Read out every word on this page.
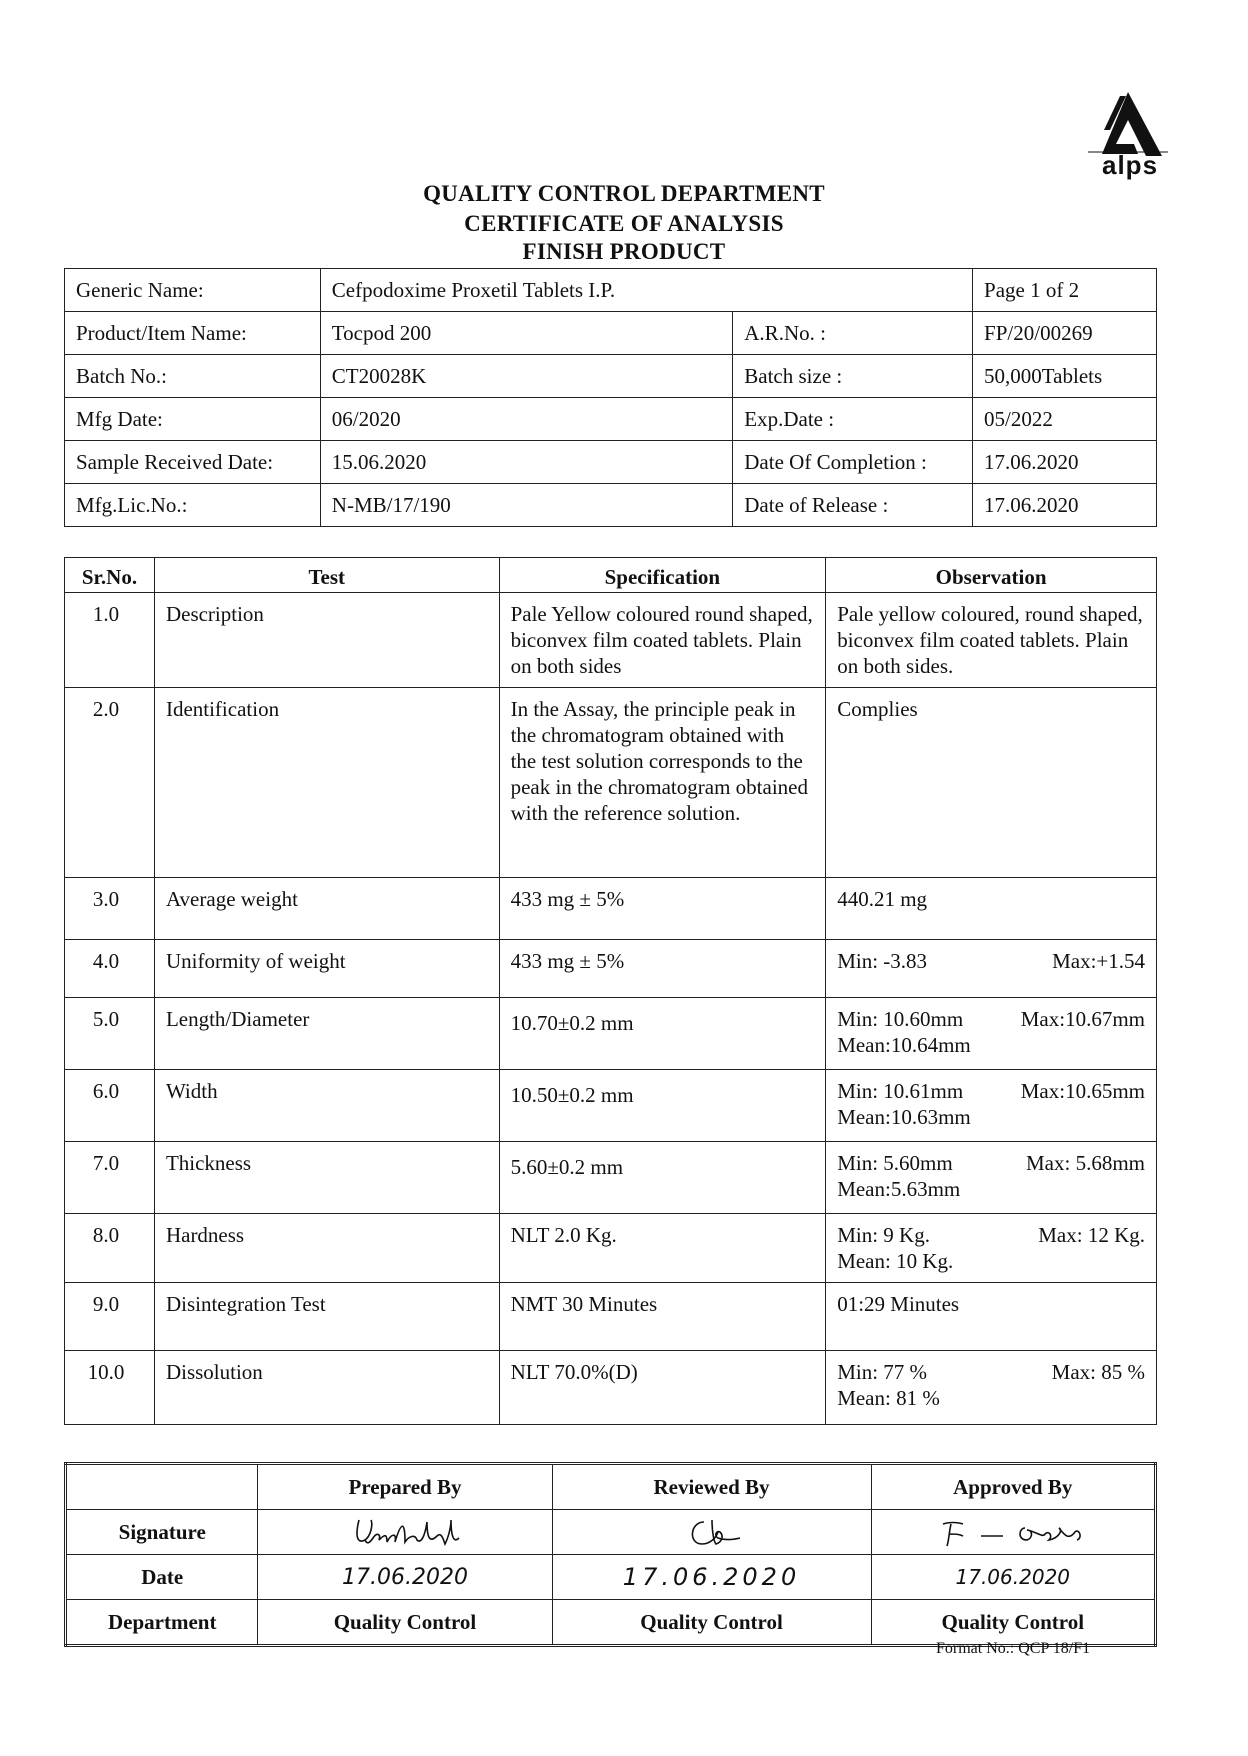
alps
QUALITY CONTROL DEPARTMENT
CERTIFICATE OF ANALYSIS
FINISH PRODUCT
Generic Name:	Cefpodoxime Proxetil Tablets I.P.		Page 1 of 2
Product/Item Name:	Tocpod 200	A.R.No. :	FP/20/00269
Batch No.:	CT20028K	Batch size :	50,000Tablets
Mfg Date:	06/2020	Exp.Date :	05/2022
Sample Received Date:	15.06.2020	Date Of Completion :	17.06.2020
Mfg.Lic.No.:	N-MB/17/190	Date of Release :	17.06.2020
Sr.No.	Test	Specification	Observation
1.0	Description	Pale Yellow coloured round shaped, biconvex film coated tablets. Plain on both sides	Pale yellow coloured, round shaped, biconvex film coated tablets. Plain on both sides.
2.0	Identification	In the Assay, the principle peak in the chromatogram obtained with the test solution corresponds to the peak in the chromatogram obtained with the reference solution.	Complies
3.0	Average weight	433 mg ± 5%	440.21 mg
4.0	Uniformity of weight	433 mg ± 5%	Min: -3.83 Max:+1.54

5.0	Length/Diameter	10.70±0.2 mm	Min: 10.60mm Max:10.67mm
Mean:10.64mm

6.0	Width	10.50±0.2 mm	Min: 10.61mm Max:10.65mm
Mean:10.63mm

7.0	Thickness	5.60±0.2 mm	Min: 5.60mm Max: 5.68mm
Mean:5.63mm

8.0	Hardness	NLT 2.0 Kg.	Min: 9 Kg. Max: 12 Kg.
Mean: 10 Kg.

9.0	Disintegration Test	NMT 30 Minutes	01:29 Minutes
10.0	Dissolution	NLT 70.0%(D)	Min: 77 % Max: 85 %
Mean: 81 %
	Prepared By	Reviewed By	Approved By
Signature	

Date	17.06.2020	17.06.2020	17.06.2020
Department	Quality Control	Quality Control	Quality Control
Format No.: QCP 18/F1
